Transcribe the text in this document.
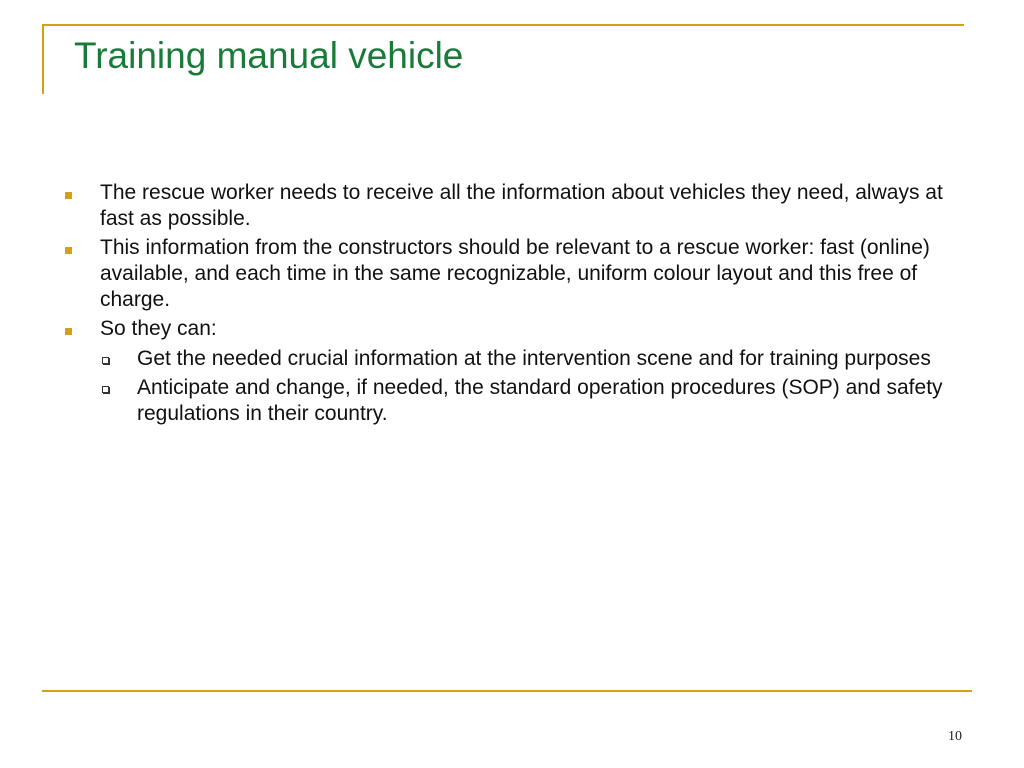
Training manual vehicle
The rescue worker needs to receive all the information about vehicles they need, always at fast as possible.
This information from the constructors should be relevant to a rescue worker: fast (online) available, and each time in the same recognizable, uniform colour layout and this free of charge.
So they can:
Get the needed crucial information at the intervention scene and for training purposes
Anticipate and change, if needed, the standard operation procedures (SOP) and safety regulations in their country.
10
